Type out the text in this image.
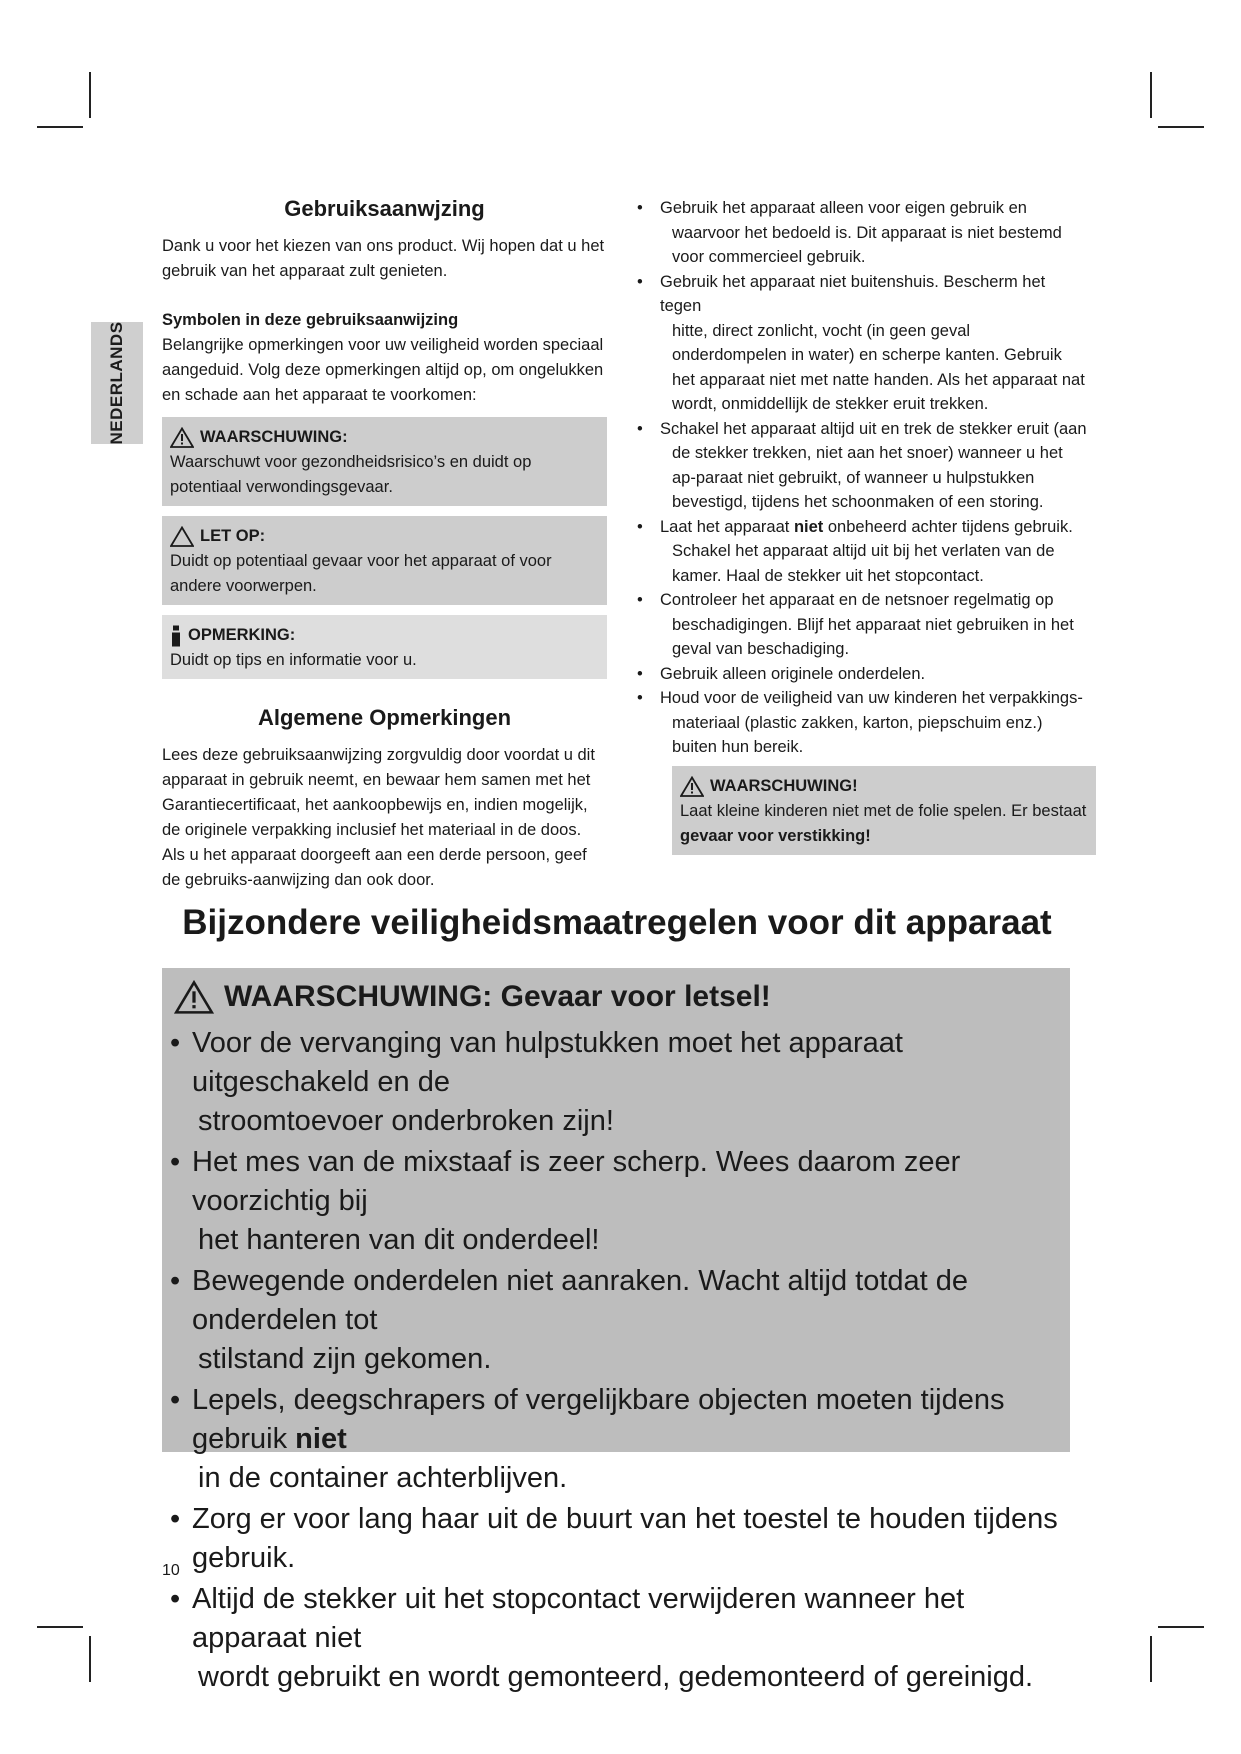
NEDERLANDS
Gebruiksaanwjzing

Dank u voor het kiezen van ons product. Wij hopen dat u het gebruik van het apparaat zult genieten.

Symbolen in deze gebruiksaanwijzing

Belangrijke opmerkingen voor uw veiligheid worden speciaal aangeduid. Volg deze opmerkingen altijd op, om ongelukken en schade aan het apparaat te voorkomen:

WAARSCHUWING:
Waarschuwt voor gezondheidsrisico’s en duidt op potentiaal verwondingsgevaar.
LET OP:
Duidt op potentiaal gevaar voor het apparaat of voor andere voorwerpen.
OPMERKING:
Duidt op tips en informatie voor u.
Algemene Opmerkingen

Lees deze gebruiksaanwijzing zorgvuldig door voordat u dit apparaat in gebruik neemt, en bewaar hem samen met het Garantiecertificaat, het aankoopbewijs en, indien mogelijk, de originele verpakking inclusief het materiaal in de doos. Als u het apparaat doorgeeft aan een derde persoon, geef de gebruiks-aanwijzing dan ook door.

• Gebruik het apparaat alleen voor eigen gebruik en
waarvoor het bedoeld is. Dit apparaat is niet bestemd voor commercieel gebruik.
• Gebruik het apparaat niet buitenshuis. Bescherm het tegen
hitte, direct zonlicht, vocht (in geen geval onderdompelen in water) en scherpe kanten. Gebruik het apparaat niet met natte handen. Als het apparaat nat wordt, onmiddellijk de stekker eruit trekken.
• Schakel het apparaat altijd uit en trek de stekker eruit (aan
de stekker trekken, niet aan het snoer) wanneer u het ap-paraat niet gebruikt, of wanneer u hulpstukken bevestigd, tijdens het schoonmaken of een storing.
• Laat het apparaat niet onbeheerd achter tijdens gebruik.
Schakel het apparaat altijd uit bij het verlaten van de kamer. Haal de stekker uit het stopcontact.
• Controleer het apparaat en de netsnoer regelmatig op
beschadigingen. Blijf het apparaat niet gebruiken in het geval van beschadiging.
• Gebruik alleen originele onderdelen.
• Houd voor de veiligheid van uw kinderen het verpakkings-
materiaal (plastic zakken, karton, piepschuim enz.) buiten hun bereik.
WAARSCHUWING!
Laat kleine kinderen niet met de folie spelen. Er bestaat
gevaar voor verstikking!
Bijzondere veiligheidsmaatregelen voor dit apparaat
WAARSCHUWING: Gevaar voor letsel!
• Voor de vervanging van hulpstukken moet het apparaat uitgeschakeld en de
stroomtoevoer onderbroken zijn!
• Het mes van de mixstaaf is zeer scherp. Wees daarom zeer voorzichtig bij
het hanteren van dit onderdeel!
• Bewegende onderdelen niet aanraken. Wacht altijd totdat de onderdelen tot
stilstand zijn gekomen.
• Lepels, deegschrapers of vergelijkbare objecten moeten tijdens gebruik niet
in de container achterblijven.
• Zorg er voor lang haar uit de buurt van het toestel te houden tijdens gebruik.
• Altijd de stekker uit het stopcontact verwijderen wanneer het apparaat niet
wordt gebruikt en wordt gemonteerd, gedemonteerd of gereinigd.
10
